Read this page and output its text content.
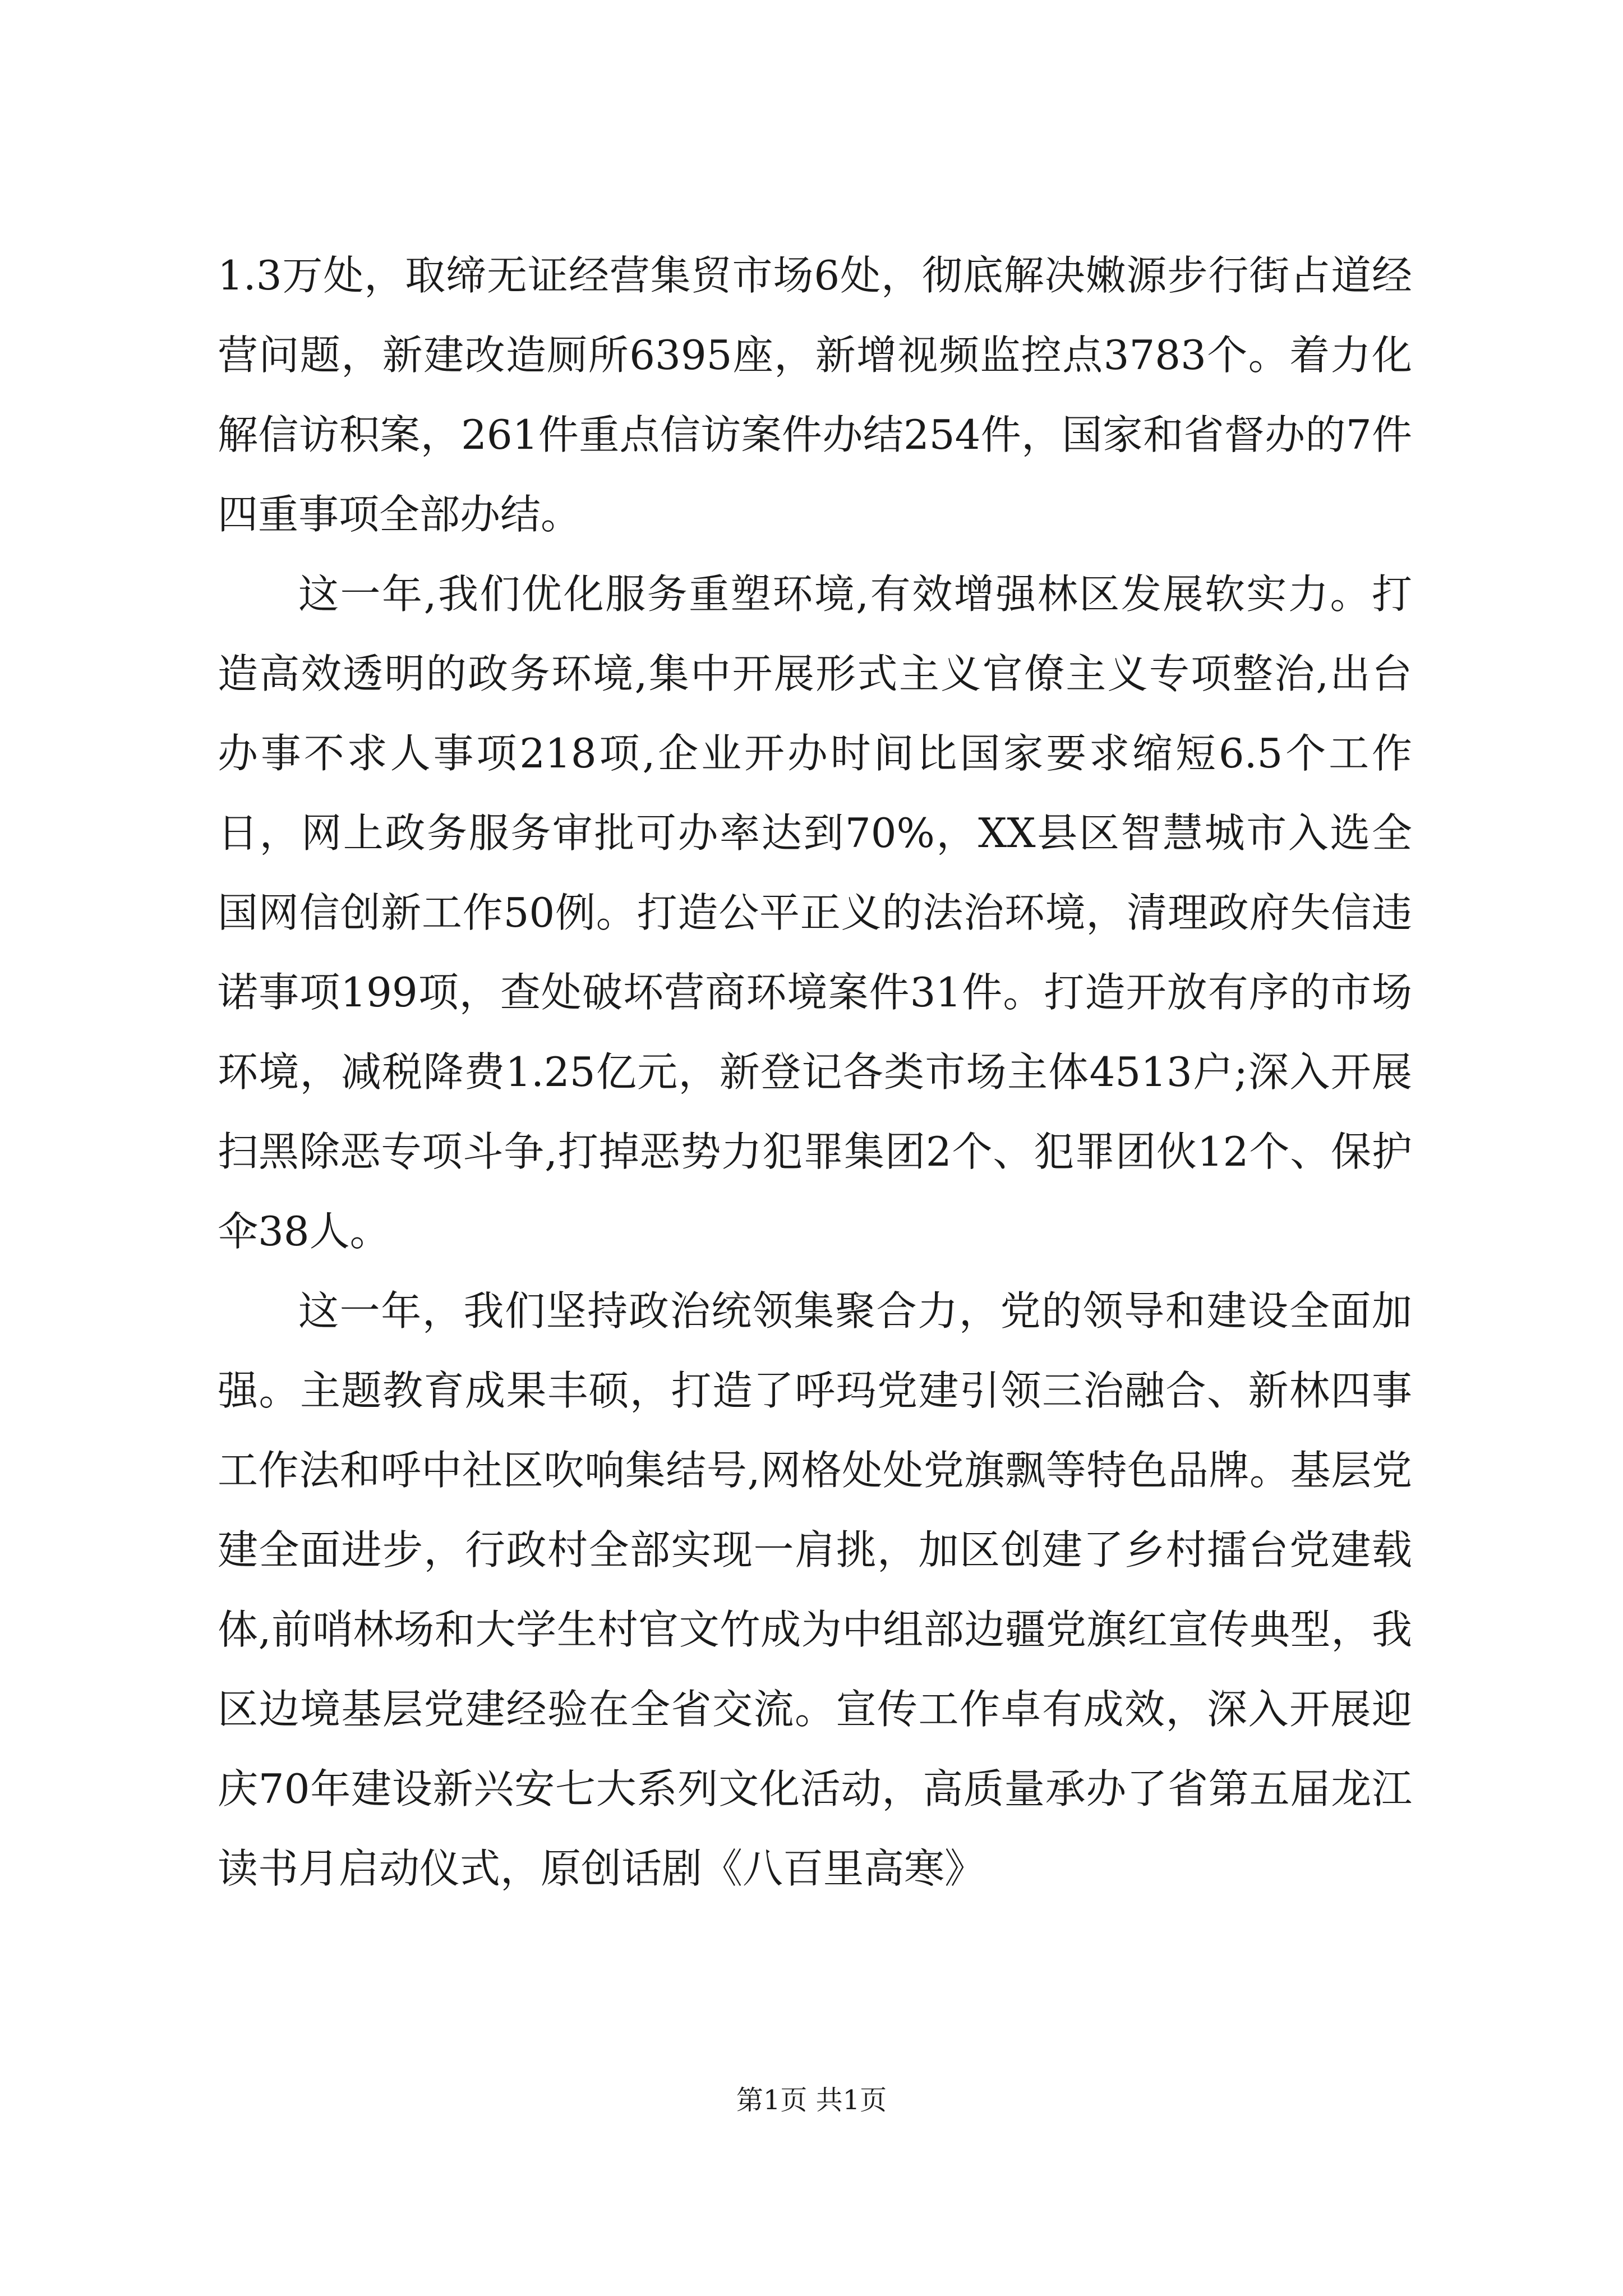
1.3万处，取缔无证经营集贸市场6处，彻底解决嫩源步行街占道经营问题，新建改造厕所6395座，新增视频监控点3783个。着力化解信访积案，261件重点信访案件办结254件，国家和省督办的7件四重事项全部办结。

这一年,我们优化服务重塑环境,有效增强林区发展软实力。打造高效透明的政务环境,集中开展形式主义官僚主义专项整治,出台办事不求人事项218项,企业开办时间比国家要求缩短6.5个工作日，网上政务服务审批可办率达到70%，XX县区智慧城市入选全国网信创新工作50例。打造公平正义的法治环境，清理政府失信违诺事项199项，查处破坏营商环境案件31件。打造开放有序的市场环境，减税降费1.25亿元，新登记各类市场主体4513户;深入开展扫黑除恶专项斗争,打掉恶势力犯罪集团2个、犯罪团伙12个、保护伞38人。

这一年，我们坚持政治统领集聚合力，党的领导和建设全面加强。主题教育成果丰硕，打造了呼玛党建引领三治融合、新林四事工作法和呼中社区吹响集结号,网格处处党旗飘等特色品牌。基层党建全面进步，行政村全部实现一肩挑，加区创建了乡村擂台党建载体,前哨林场和大学生村官文竹成为中组部边疆党旗红宣传典型，我区边境基层党建经验在全省交流。宣传工作卓有成效，深入开展迎庆70年建设新兴安七大系列文化活动，高质量承办了省第五届龙江读书月启动仪式，原创话剧《八百里高寒》

第1页 共1页
